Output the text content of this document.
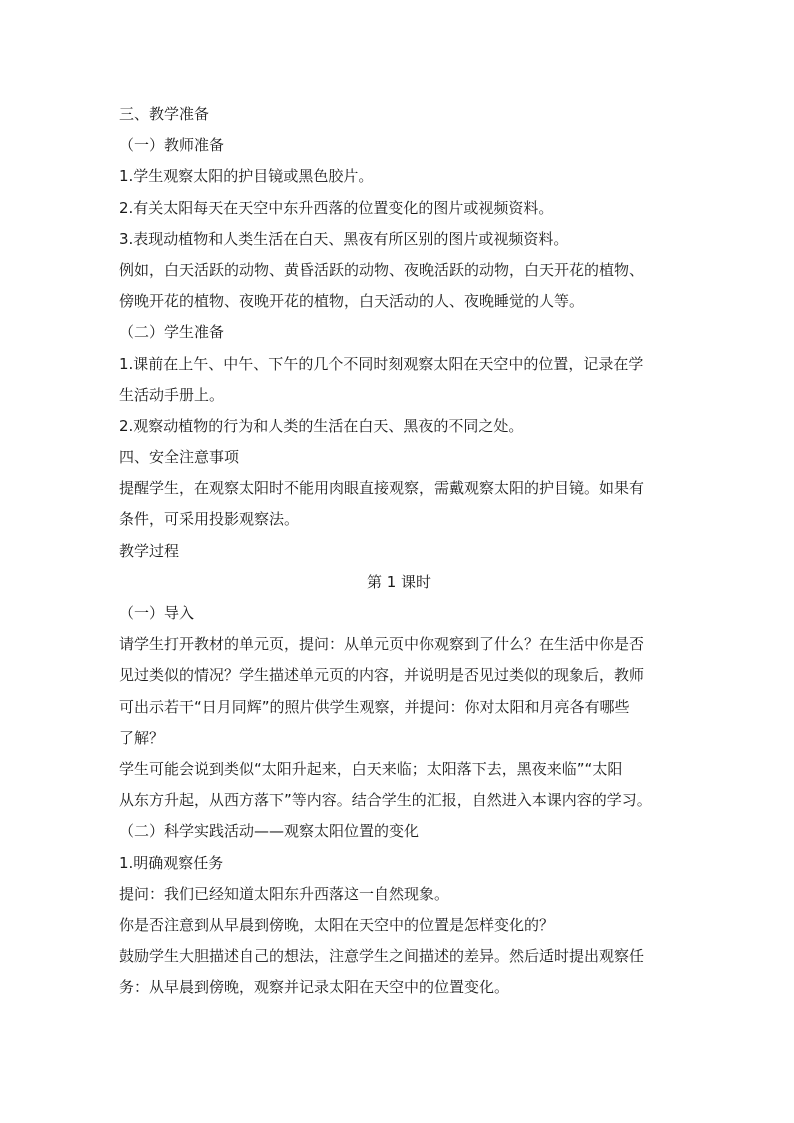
三、教学准备
（一）教师准备
1.学生观察太阳的护目镜或黑色胶片。
2.有关太阳每天在天空中东升西落的位置变化的图片或视频资料。
3.表现动植物和人类生活在白天、黑夜有所区别的图片或视频资料。
例如，白天活跃的动物、黄昏活跃的动物、夜晚活跃的动物，白天开花的植物、
傍晚开花的植物、夜晚开花的植物，白天活动的人、夜晚睡觉的人等。
（二）学生准备
1.课前在上午、中午、下午的几个不同时刻观察太阳在天空中的位置，记录在学
生活动手册上。
2.观察动植物的行为和人类的生活在白天、黑夜的不同之处。
四、安全注意事项
提醒学生，在观察太阳时不能用肉眼直接观察，需戴观察太阳的护目镜。如果有
条件，可采用投影观察法。
教学过程
第 1 课时
（一）导入
请学生打开教材的单元页，提问：从单元页中你观察到了什么？在生活中你是否
见过类似的情况？学生描述单元页的内容，并说明是否见过类似的现象后，教师
可出示若干“日月同辉”的照片供学生观察，并提问：你对太阳和月亮各有哪些
了解？
学生可能会说到类似“太阳升起来，白天来临；太阳落下去，黑夜来临”“太阳
从东方升起，从西方落下”等内容。结合学生的汇报，自然进入本课内容的学习。
（二）科学实践活动——观察太阳位置的变化
1.明确观察任务
提问：我们已经知道太阳东升西落这一自然现象。
你是否注意到从早晨到傍晚，太阳在天空中的位置是怎样变化的？
鼓励学生大胆描述自己的想法，注意学生之间描述的差异。然后适时提出观察任
务：从早晨到傍晚，观察并记录太阳在天空中的位置变化。
